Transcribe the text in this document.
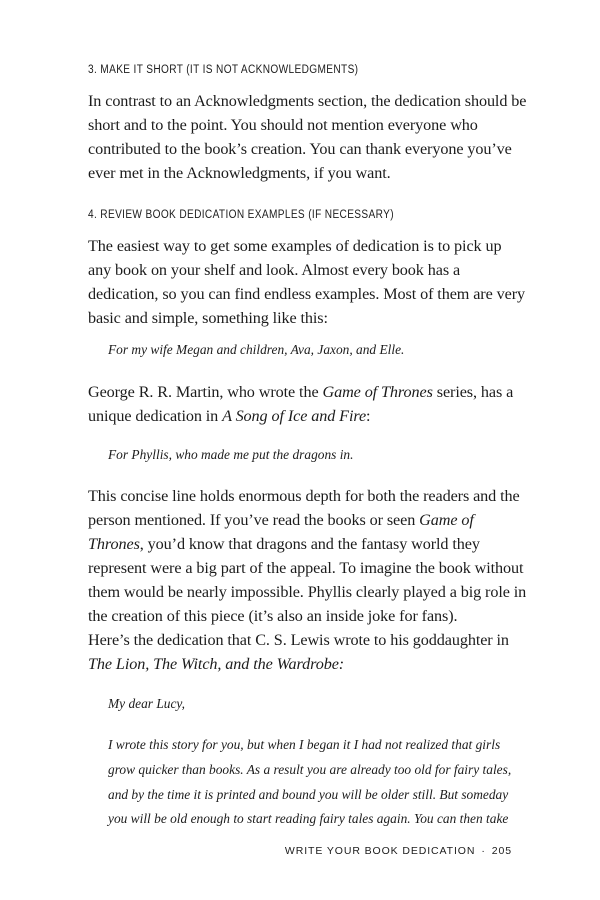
3. MAKE IT SHORT (IT IS NOT ACKNOWLEDGMENTS)

In contrast to an Acknowledgments section, the dedication should be short and to the point. You should not mention everyone who contributed to the book’s creation. You can thank everyone you’ve ever met in the Acknowledgments, if you want.

4. REVIEW BOOK DEDICATION EXAMPLES (IF NECESSARY)

The easiest way to get some examples of dedication is to pick up any book on your shelf and look. Almost every book has a dedication, so you can find endless examples. Most of them are very basic and simple, something like this:

For my wife Megan and children, Ava, Jaxon, and Elle.

George R. R. Martin, who wrote the Game of Thrones series, has a unique dedication in A Song of Ice and Fire:

For Phyllis, who made me put the dragons in.

This concise line holds enormous depth for both the readers and the person mentioned. If you’ve read the books or seen Game of Thrones, you’d know that dragons and the fantasy world they represent were a big part of the appeal. To imagine the book without them would be nearly impossible. Phyllis clearly played a big role in the creation of this piece (it’s also an inside joke for fans).

Here’s the dedication that C. S. Lewis wrote to his goddaughter in The Lion, The Witch, and the Wardrobe:

My dear Lucy,

I wrote this story for you, but when I began it I had not realized that girls grow quicker than books. As a result you are already too old for fairy tales, and by the time it is printed and bound you will be older still. But someday you will be old enough to start reading fairy tales again. You can then take

WRITE YOUR BOOK DEDICATION · 205
